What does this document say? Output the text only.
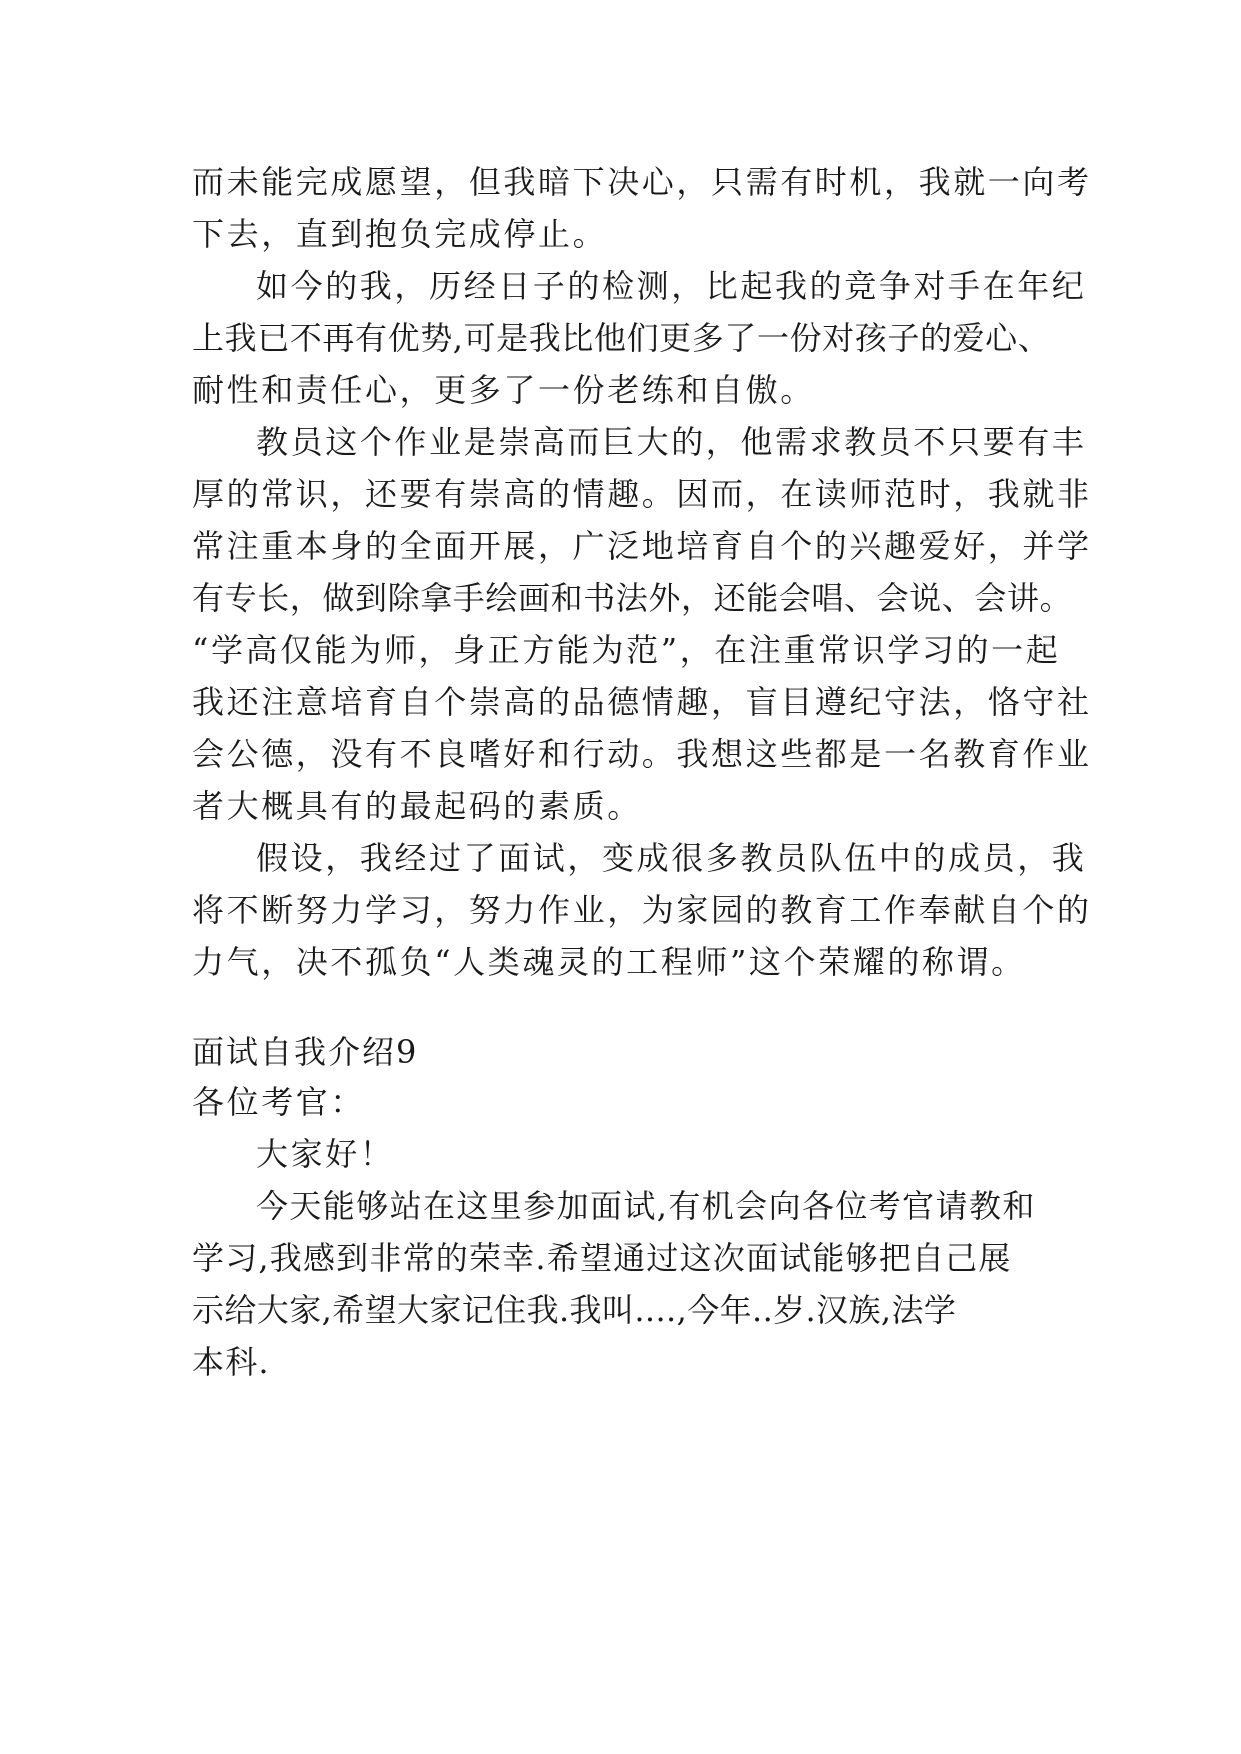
而未能完成愿望，但我暗下决心，只需有时机，我就一向考
下去，直到抱负完成停止。
如今的我，历经日子的检测，比起我的竞争对手在年纪
上我已不再有优势,可是我比他们更多了一份对孩子的爱心、
耐性和责任心，更多了一份老练和自傲。
教员这个作业是崇高而巨大的，他需求教员不只要有丰
厚的常识，还要有崇高的情趣。因而，在读师范时，我就非
常注重本身的全面开展，广泛地培育自个的兴趣爱好，并学
有专长，做到除拿手绘画和书法外，还能会唱、会说、会讲。
“学高仅能为师，身正方能为范”，在注重常识学习的一起
我还注意培育自个崇高的品德情趣，盲目遵纪守法，恪守社
会公德，没有不良嗜好和行动。我想这些都是一名教育作业
者大概具有的最起码的素质。
假设，我经过了面试，变成很多教员队伍中的成员，我
将不断努力学习，努力作业，为家园的教育工作奉献自个的
力气，决不孤负“人类魂灵的工程师”这个荣耀的称谓。
面试自我介绍9
各位考官：
大家好！
今天能够站在这里参加面试,有机会向各位考官请教和
学习,我感到非常的荣幸.希望通过这次面试能够把自己展
示给大家,希望大家记住我.我叫....,今年..岁.汉族,法学
本科.
